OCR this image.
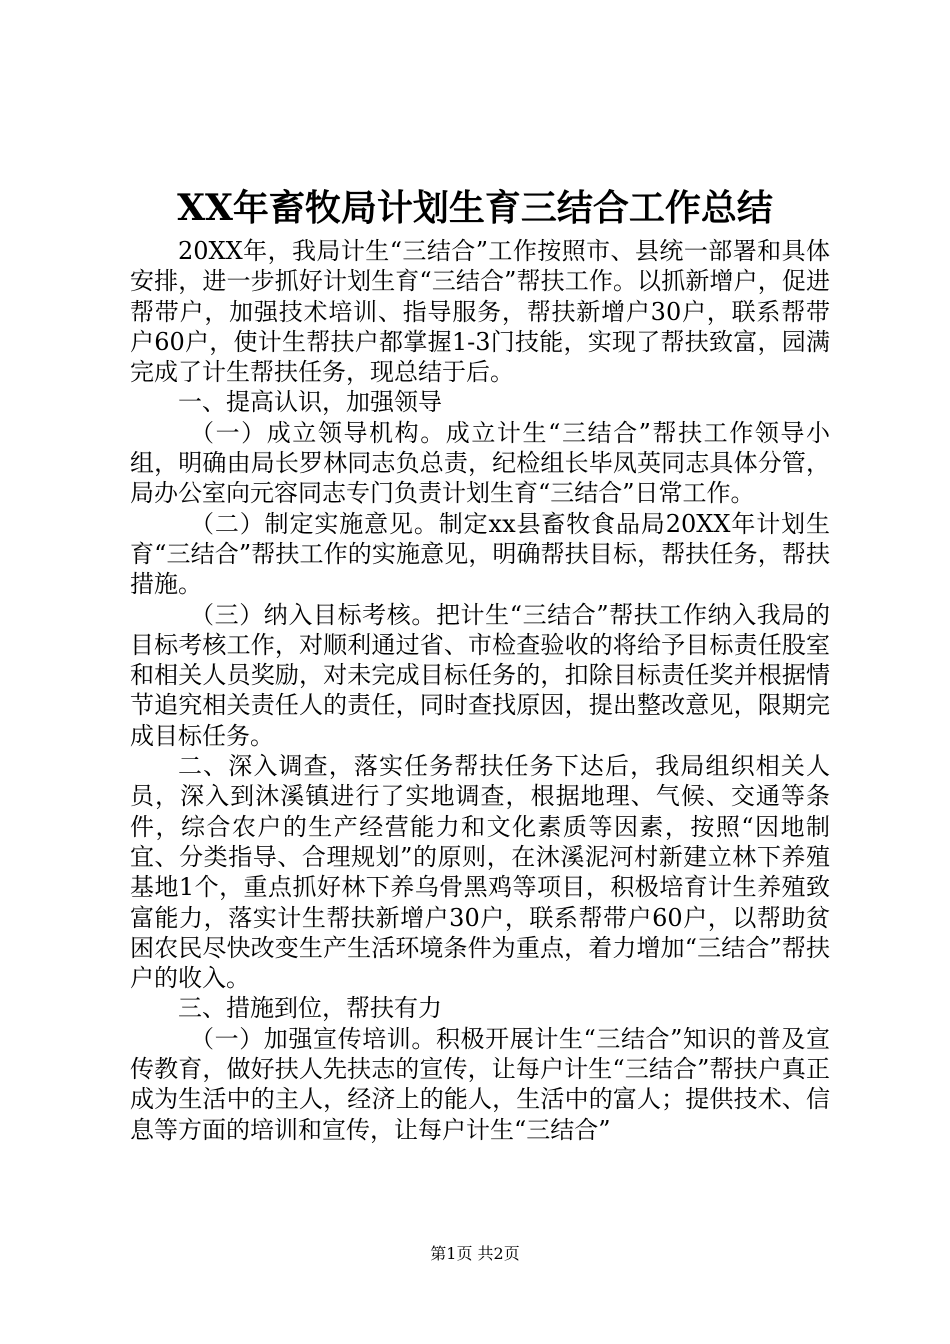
XX年畜牧局计划生育三结合工作总结

20XX年，我局计生“三结合”工作按照市、县统一部署和具体安排，进一步抓好计划生育“三结合”帮扶工作。以抓新增户，促进帮带户，加强技术培训、指导服务，帮扶新增户30户，联系帮带户60户，使计生帮扶户都掌握1-3门技能，实现了帮扶致富，园满完成了计生帮扶任务，现总结于后。

一、提高认识，加强领导

（一）成立领导机构。成立计生“三结合”帮扶工作领导小组，明确由局长罗林同志负总责，纪检组长毕凤英同志具体分管，局办公室向元容同志专门负责计划生育“三结合”日常工作。

（二）制定实施意见。制定xx县畜牧食品局20XX年计划生育“三结合”帮扶工作的实施意见，明确帮扶目标，帮扶任务，帮扶措施。

（三）纳入目标考核。把计生“三结合”帮扶工作纳入我局的目标考核工作，对顺利通过省、市检查验收的将给予目标责任股室和相关人员奖励，对未完成目标任务的，扣除目标责任奖并根据情节追究相关责任人的责任，同时查找原因，提出整改意见，限期完成目标任务。

二、深入调查，落实任务帮扶任务下达后，我局组织相关人员，深入到沐溪镇进行了实地调查，根据地理、气候、交通等条件，综合农户的生产经营能力和文化素质等因素，按照“因地制宜、分类指导、合理规划”的原则，在沐溪泥河村新建立林下养殖基地1个，重点抓好林下养乌骨黑鸡等项目，积极培育计生养殖致富能力，落实计生帮扶新增户30户，联系帮带户60户，以帮助贫困农民尽快改变生产生活环境条件为重点，着力增加“三结合”帮扶户的收入。

三、措施到位，帮扶有力

（一）加强宣传培训。积极开展计生“三结合”知识的普及宣传教育，做好扶人先扶志的宣传，让每户计生“三结合”帮扶户真正成为生活中的主人，经济上的能人，生活中的富人；提供技术、信息等方面的培训和宣传，让每户计生“三结合”

第1页 共2页
